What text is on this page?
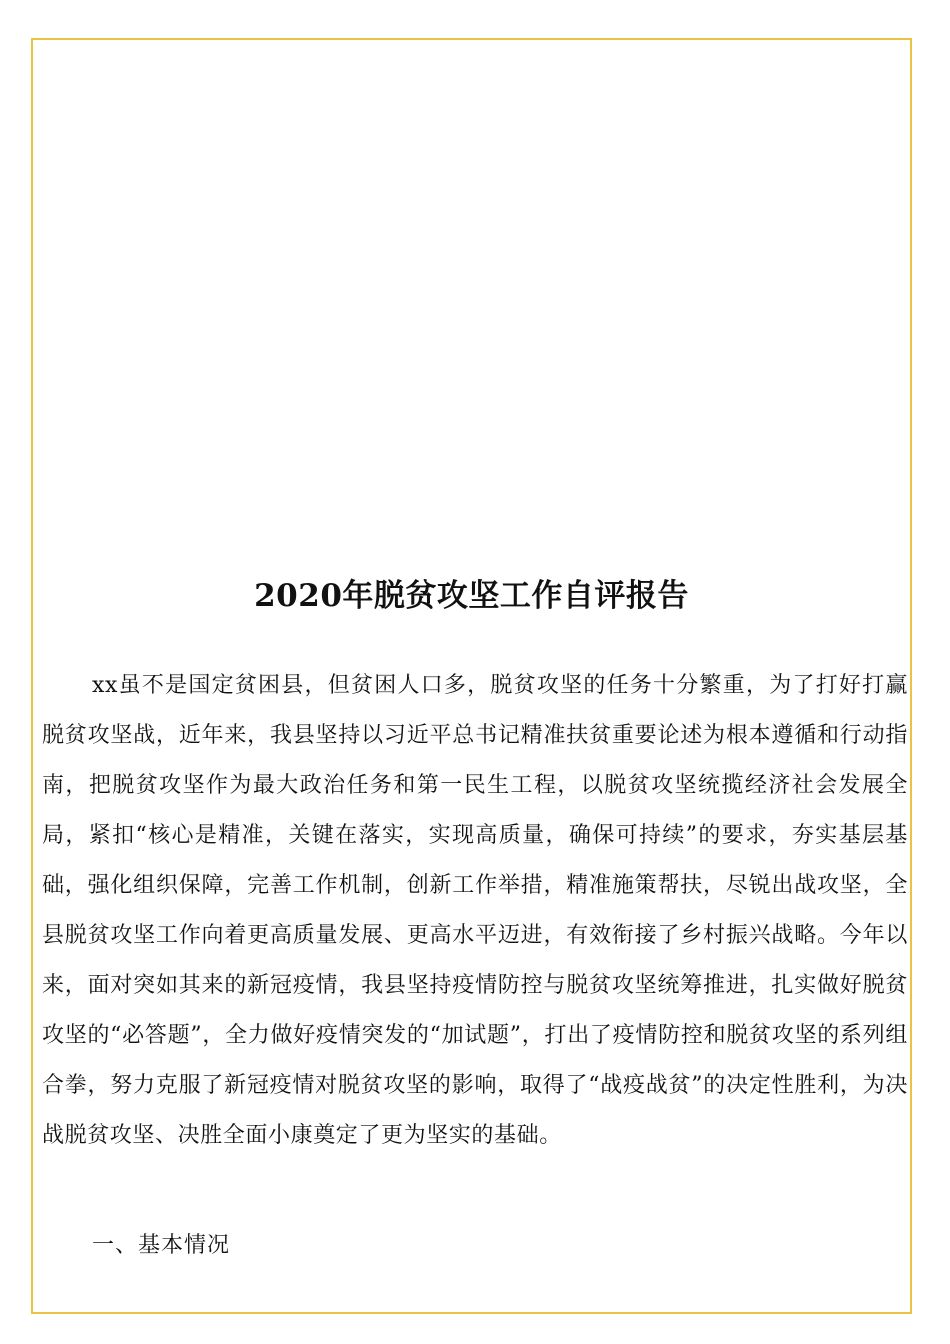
2020年脱贫攻坚工作自评报告

xx虽不是国定贫困县，但贫困人口多，脱贫攻坚的任务十分繁重，为了打好打赢脱贫攻坚战，近年来，我县坚持以习近平总书记精准扶贫重要论述为根本遵循和行动指南，把脱贫攻坚作为最大政治任务和第一民生工程，以脱贫攻坚统揽经济社会发展全局，紧扣“核心是精准，关键在落实，实现高质量，确保可持续”的要求，夯实基层基础，强化组织保障，完善工作机制，创新工作举措，精准施策帮扶，尽锐出战攻坚，全县脱贫攻坚工作向着更高质量发展、更高水平迈进，有效衔接了乡村振兴战略。今年以来，面对突如其来的新冠疫情，我县坚持疫情防控与脱贫攻坚统筹推进，扎实做好脱贫攻坚的“必答题”，全力做好疫情突发的“加试题”，打出了疫情防控和脱贫攻坚的系列组合拳，努力克服了新冠疫情对脱贫攻坚的影响，取得了“战疫战贫”的决定性胜利，为决战脱贫攻坚、决胜全面小康奠定了更为坚实的基础。

一、基本情况
